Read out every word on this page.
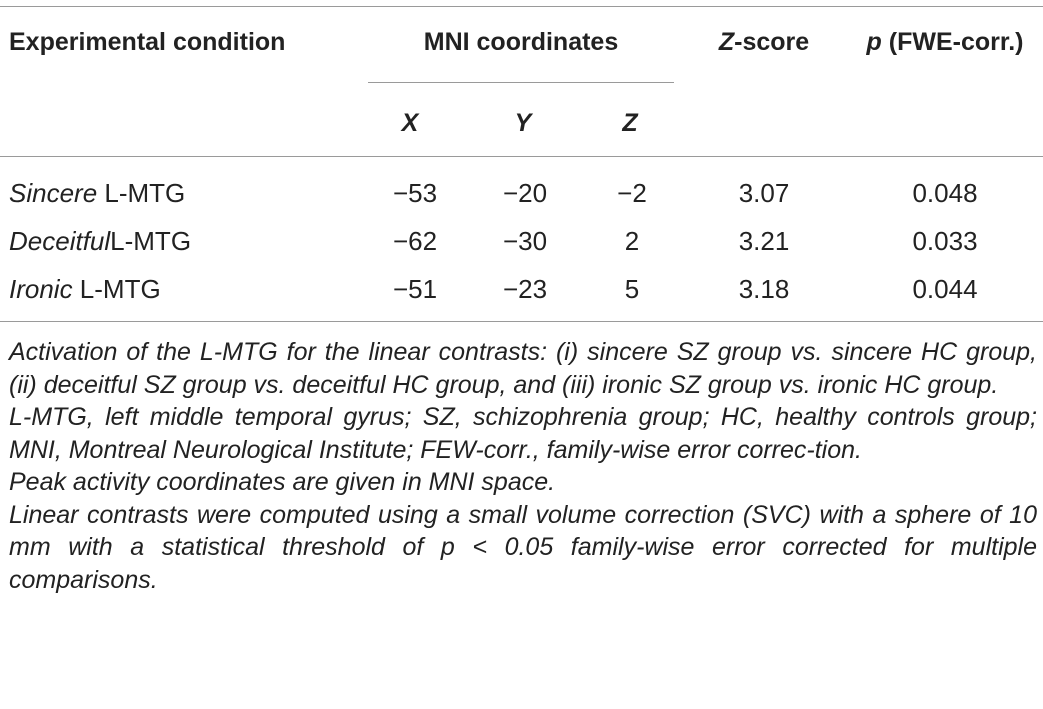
Experimental condition	MNI coordinates	Z-score p (FWE-corr.)
X	Y	Z
Sincere L-MTG	−53	−20	−2	3.07	0.048
DeceitfulL-MTG	−62	−30	2	3.21	0.033
Ironic L-MTG	−51	−23	5	3.18	0.044

Activation of the L-MTG for the linear contrasts: (i) sincere SZ group vs. sincere HC group, (ii) deceitful SZ group vs. deceitful HC group, and (iii) ironic SZ group vs. ironic HC group.

L-MTG, left middle temporal gyrus; SZ, schizophrenia group; HC, healthy controls group; MNI, Montreal Neurological Institute; FEW-corr., family-wise error correc-tion.

Peak activity coordinates are given in MNI space.

Linear contrasts were computed using a small volume correction (SVC) with a sphere of 10 mm with a statistical threshold of p < 0.05 family-wise error corrected for multiple comparisons.
